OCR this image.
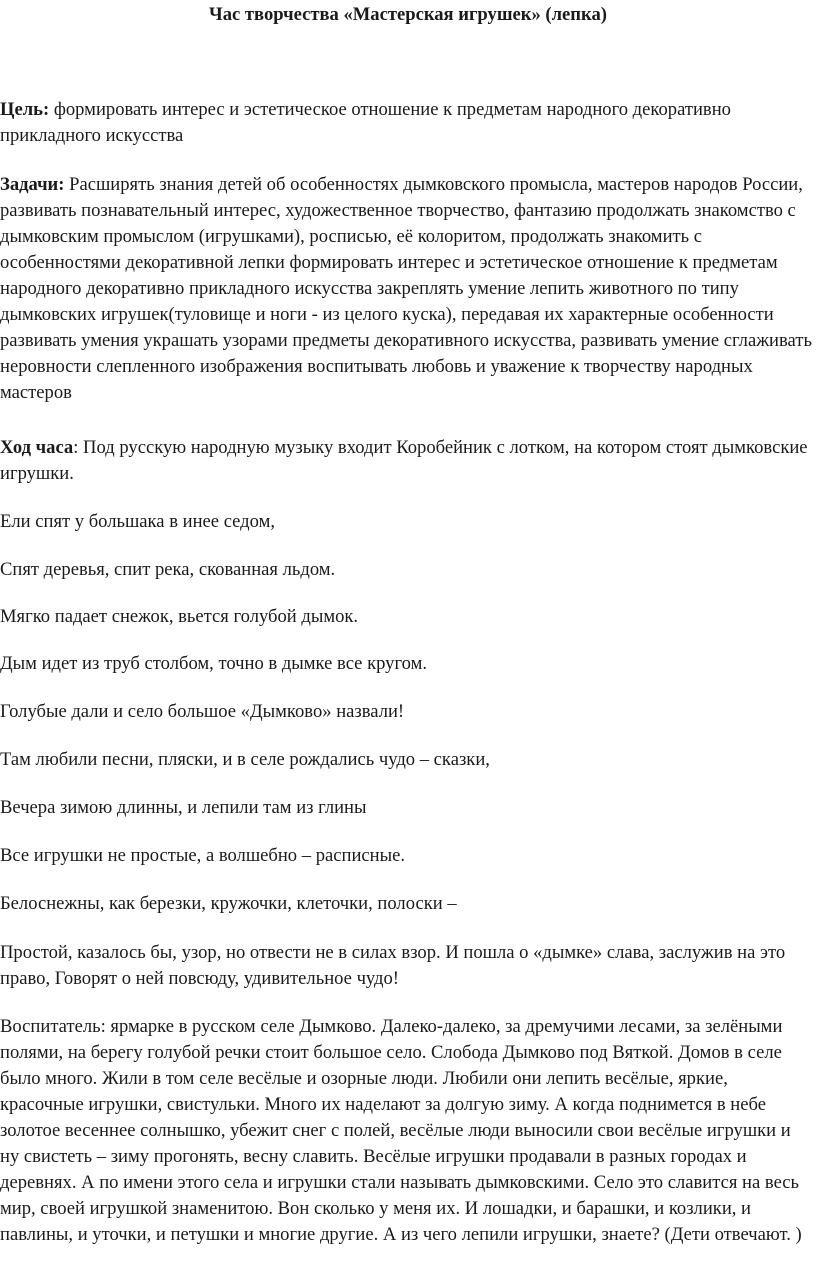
Час творчества «Мастерская игрушек» (лепка)

Цель: формировать интерес и эстетическое отношение к предметам народного декоративно прикладного искусства

Задачи: Расширять знания детей об особенностях дымковского промысла, мастеров народов России, развивать познавательный интерес, художественное творчество, фантазию продолжать знакомство с дымковским промыслом (игрушками), росписью, её колоритом, продолжать знакомить с особенностями декоративной лепки формировать интерес и эстетическое отношение к предметам народного декоративно прикладного искусства закреплять умение лепить животного по типу дымковских игрушек(туловище и ноги - из целого куска), передавая их характерные особенности развивать умения украшать узорами предметы декоративного искусства, развивать умение сглаживать неровности слепленного изображения воспитывать любовь и уважение к творчеству народных мастеров

Ход часа: Под русскую народную музыку входит Коробейник с лотком, на котором стоят дымковские игрушки.

Ели спят у большака в инее седом,

Спят деревья, спит река, скованная льдом.

Мягко падает снежок, вьется голубой дымок.

Дым идет из труб столбом, точно в дымке все кругом.

Голубые дали и село большое «Дымково» назвали!

Там любили песни, пляски, и в селе рождались чудо – сказки,

Вечера зимою длинны, и лепили там из глины

Все игрушки не простые, а волшебно – расписные.

Белоснежны, как березки, кружочки, клеточки, полоски –

Простой, казалось бы, узор, но отвести не в силах взор. И пошла о «дымке» слава, заслужив на это право, Говорят о ней повсюду, удивительное чудо!

Воспитатель: ярмарке в русском селе Дымково. Далеко-далеко, за дремучими лесами, за зелёными полями, на берегу голубой речки стоит большое село. Слобода Дымково под Вяткой. Домов в селе было много. Жили в том селе весёлые и озорные люди. Любили они лепить весёлые, яркие, красочные игрушки, свистульки. Много их наделают за долгую зиму. А когда поднимется в небе золотое весеннее солнышко, убежит снег с полей, весёлые люди выносили свои весёлые игрушки и ну свистеть – зиму прогонять, весну славить. Весёлые игрушки продавали в разных городах и деревнях. А по имени этого села и игрушки стали называть дымковскими. Село это славится на весь мир, своей игрушкой знаменитою. Вон сколько у меня их. И лошадки, и барашки, и козлики, и павлины, и уточки, и петушки и многие другие. А из чего лепили игрушки, знаете? (Дети отвечают. )
